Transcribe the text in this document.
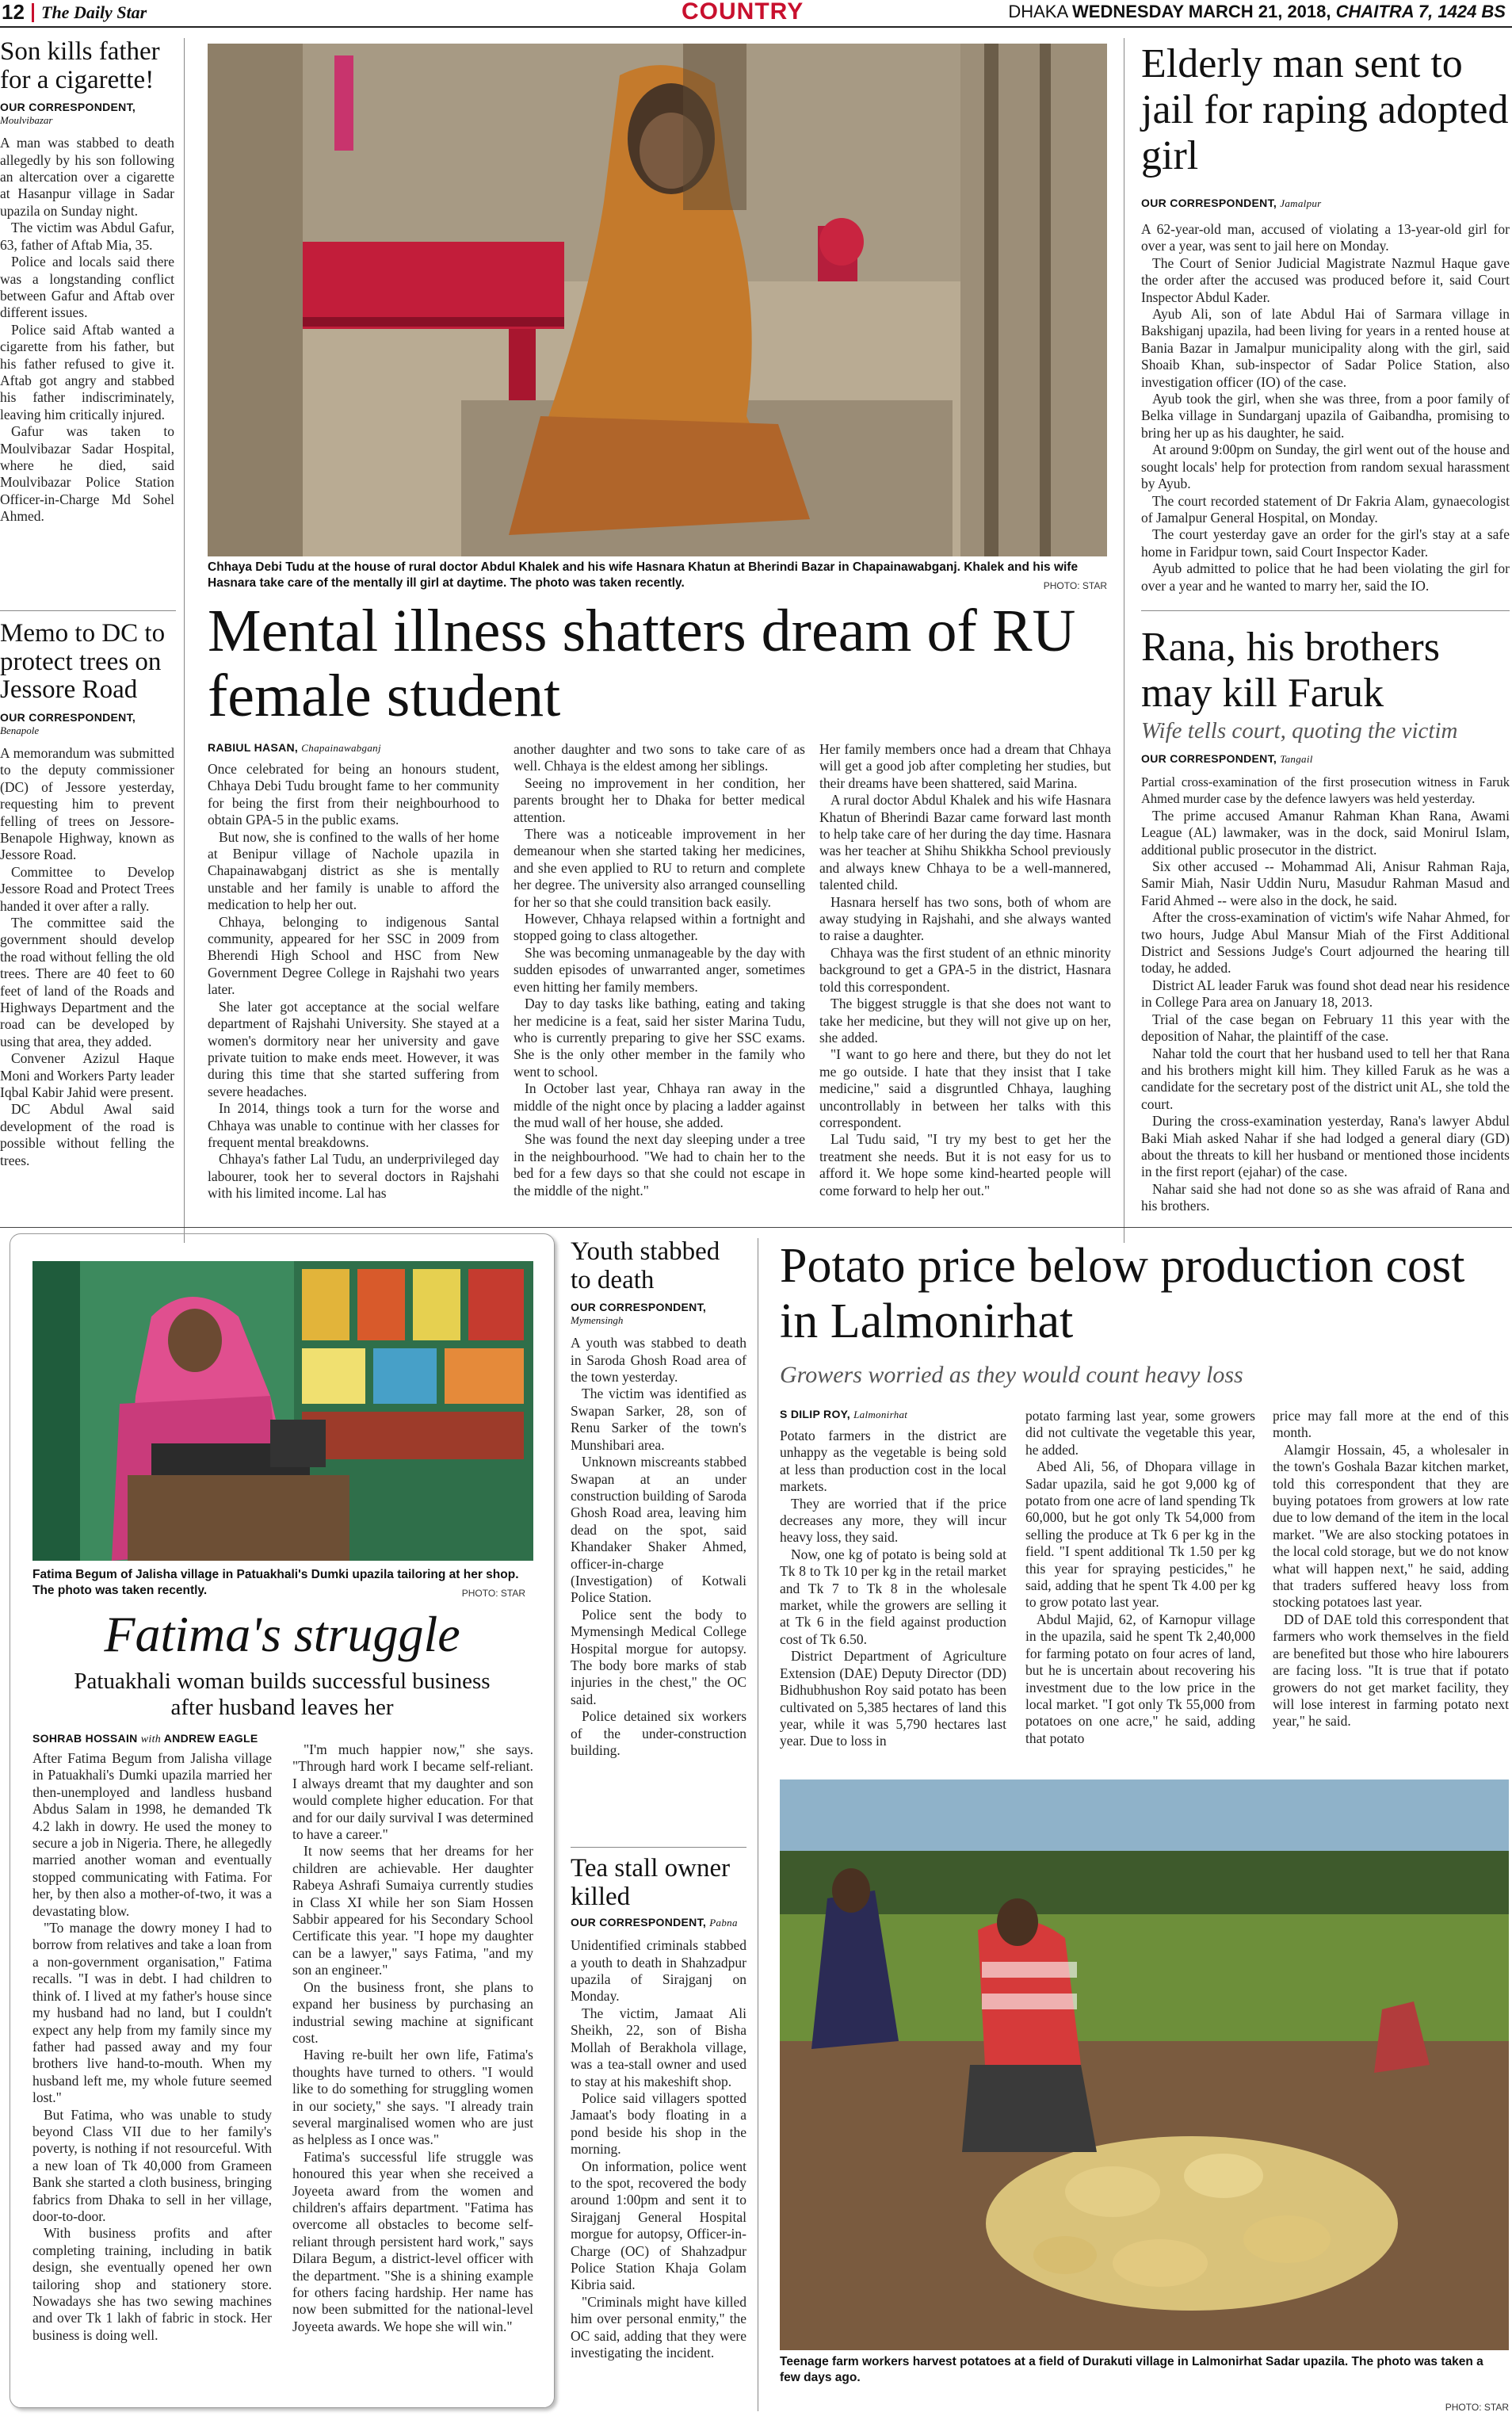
12 The Daily Star	COUNTRY	DHAKA WEDNESDAY MARCH 21, 2018, CHAITRA 7, 1424 BS
Son kills father for a cigarette!
OUR CORRESPONDENT,
Moulvibazar

A man was stabbed to death allegedly by his son following an altercation over a cigarette at Hasanpur village in Sadar upazila on Sunday night.

The victim was Abdul Gafur, 63, father of Aftab Mia, 35.

Police and locals said there was a longstanding conflict between Gafur and Aftab over different issues.

Police said Aftab wanted a cigarette from his father, but his father refused to give it. Aftab got angry and stabbed his father indiscriminately, leaving him critically injured.

Gafur was taken to Moulvibazar Sadar Hospital, where he died, said Moulvibazar Police Station Officer-in-Charge Md Sohel Ahmed.

Memo to DC to protect trees on Jessore Road
OUR CORRESPONDENT,
Benapole

A memorandum was submitted to the deputy commissioner (DC) of Jessore yesterday, requesting him to prevent felling of trees on Jessore-Benapole Highway, known as Jessore Road.

Committee to Develop Jessore Road and Protect Trees handed it over after a rally.

The committee said the government should develop the road without felling the old trees. There are 40 feet to 60 feet of land of the Roads and Highways Department and the road can be developed by using that area, they added.

Convener Azizul Haque Moni and Workers Party leader Iqbal Kabir Jahid were present.

DC Abdul Awal said development of the road is possible without felling the trees.

Chhaya Debi Tudu at the house of rural doctor Abdul Khalek and his wife Hasnara Khatun at Bherindi Bazar in Chapainawabganj. Khalek and his wife Hasnara take care of the mentally ill girl at daytime. The photo was taken recently.	PHOTO: STAR
Mental illness shatters dream of RU female student
RABIUL HASAN, Chapainawabganj

Once celebrated for being an honours student, Chhaya Debi Tudu brought fame to her community for being the first from their neighbourhood to obtain GPA-5 in the public exams.

But now, she is confined to the walls of her home at Benipur village of Nachole upazila in Chapainawabganj district as she is mentally unstable and her family is unable to afford the medication to help her out.

Chhaya, belonging to indigenous Santal community, appeared for her SSC in 2009 from Bherendi High School and HSC from New Government Degree College in Rajshahi two years later.

She later got acceptance at the social welfare department of Rajshahi University. She stayed at a women's dormitory near her university and gave private tuition to make ends meet. However, it was during this time that she started suffering from severe headaches.

In 2014, things took a turn for the worse and Chhaya was unable to continue with her classes for frequent mental breakdowns.

Chhaya's father Lal Tudu, an underprivileged day labourer, took her to several doctors in Rajshahi with his limited income. Lal has

another daughter and two sons to take care of as well. Chhaya is the eldest among her siblings.

Seeing no improvement in her condition, her parents brought her to Dhaka for better medical attention.

There was a noticeable improvement in her demeanour when she started taking her medicines, and she even applied to RU to return and complete her degree. The university also arranged counselling for her so that she could transition back easily.

However, Chhaya relapsed within a fortnight and stopped going to class altogether.

She was becoming unmanageable by the day with sudden episodes of unwarranted anger, sometimes even hitting her family members.

Day to day tasks like bathing, eating and taking her medicine is a feat, said her sister Marina Tudu, who is currently preparing to give her SSC exams. She is the only other member in the family who went to school.

In October last year, Chhaya ran away in the middle of the night once by placing a ladder against the mud wall of her house, she added.

She was found the next day sleeping under a tree in the neighbourhood. "We had to chain her to the bed for a few days so that she could not escape in the middle of the night."

Her family members once had a dream that Chhaya will get a good job after completing her studies, but their dreams have been shattered, said Marina.

A rural doctor Abdul Khalek and his wife Hasnara Khatun of Bherindi Bazar came forward last month to help take care of her during the day time. Hasnara was her teacher at Shihu Shikkha School previously and always knew Chhaya to be a well-mannered, talented child.

Hasnara herself has two sons, both of whom are away studying in Rajshahi, and she always wanted to raise a daughter.

Chhaya was the first student of an ethnic minority background to get a GPA-5 in the district, Hasnara told this correspondent.

The biggest struggle is that she does not want to take her medicine, but they will not give up on her, she added.

"I want to go here and there, but they do not let me go outside. I hate that they insist that I take medicine," said a disgruntled Chhaya, laughing uncontrollably in between her talks with this correspondent.

Lal Tudu said, "I try my best to get her the treatment she needs. But it is not easy for us to afford it. We hope some kind-hearted people will come forward to help her out."

Elderly man sent to jail for raping adopted girl
OUR CORRESPONDENT, Jamalpur

A 62-year-old man, accused of violating a 13-year-old girl for over a year, was sent to jail here on Monday.

The Court of Senior Judicial Magistrate Nazmul Haque gave the order after the accused was produced before it, said Court Inspector Abdul Kader.

Ayub Ali, son of late Abdul Hai of Sarmara village in Bakshiganj upazila, had been living for years in a rented house at Bania Bazar in Jamalpur municipality along with the girl, said Shoaib Khan, sub-inspector of Sadar Police Station, also investigation officer (IO) of the case.

Ayub took the girl, when she was three, from a poor family of Belka village in Sundarganj upazila of Gaibandha, promising to bring her up as his daughter, he said.

At around 9:00pm on Sunday, the girl went out of the house and sought locals' help for protection from random sexual harassment by Ayub.

The court recorded statement of Dr Fakria Alam, gynaecologist of Jamalpur General Hospital, on Monday.

The court yesterday gave an order for the girl's stay at a safe home in Faridpur town, said Court Inspector Kader.

Ayub admitted to police that he had been violating the girl for over a year and he wanted to marry her, said the IO.

Rana, his brothers may kill Faruk
Wife tells court, quoting the victim
OUR CORRESPONDENT, Tangail

Partial cross-examination of the first prosecution witness in Faruk Ahmed murder case by the defence lawyers was held yesterday.

The prime accused Amanur Rahman Khan Rana, Awami League (AL) lawmaker, was in the dock, said Monirul Islam, additional public prosecutor in the district.

Six other accused -- Mohammad Ali, Anisur Rahman Raja, Samir Miah, Nasir Uddin Nuru, Masudur Rahman Masud and Farid Ahmed -- were also in the dock, he said.

After the cross-examination of victim's wife Nahar Ahmed, for two hours, Judge Abul Mansur Miah of the First Additional District and Sessions Judge's Court adjourned the hearing till today, he added.

District AL leader Faruk was found shot dead near his residence in College Para area on January 18, 2013.

Trial of the case began on February 11 this year with the deposition of Nahar, the plaintiff of the case.

Nahar told the court that her husband used to tell her that Rana and his brothers might kill him. They killed Faruk as he was a candidate for the secretary post of the district unit AL, she told the court.

During the cross-examination yesterday, Rana's lawyer Abdul Baki Miah asked Nahar if she had lodged a general diary (GD) about the threats to kill her husband or mentioned those incidents in the first report (ejahar) of the case.

Nahar said she had not done so as she was afraid of Rana and his brothers.

Fatima Begum of Jalisha village in Patuakhali's Dumki upazila tailoring at her shop. The photo was taken recently.	PHOTO: STAR
Fatima's struggle
Patuakhali woman builds successful business after husband leaves her
SOHRAB HOSSAIN with ANDREW EAGLE

After Fatima Begum from Jalisha village in Patuakhali's Dumki upazila married her then-unemployed and landless husband Abdus Salam in 1998, he demanded Tk 4.2 lakh in dowry. He used the money to secure a job in Nigeria. There, he allegedly married another woman and eventually stopped communicating with Fatima. For her, by then also a mother-of-two, it was a devastating blow.

"To manage the dowry money I had to borrow from relatives and take a loan from a non-government organisation," Fatima recalls. "I was in debt. I had children to think of. I lived at my father's house since my husband had no land, but I couldn't expect any help from my family since my father had passed away and my four brothers live hand-to-mouth. When my husband left me, my whole future seemed lost."

But Fatima, who was unable to study beyond Class VII due to her family's poverty, is nothing if not resourceful. With a new loan of Tk 40,000 from Grameen Bank she started a cloth business, bringing fabrics from Dhaka to sell in her village, door-to-door.

With business profits and after completing training, including in batik design, she eventually opened her own tailoring shop and stationery store. Nowadays she has two sewing machines and over Tk 1 lakh of fabric in stock. Her business is doing well.

"I'm much happier now," she says. "Through hard work I became self-reliant. I always dreamt that my daughter and son would complete higher education. For that and for our daily survival I was determined to have a career."

It now seems that her dreams for her children are achievable. Her daughter Rabeya Ashrafi Sumaiya currently studies in Class XI while her son Siam Hossen Sabbir appeared for his Secondary School Certificate this year. "I hope my daughter can be a lawyer," says Fatima, "and my son an engineer."

On the business front, she plans to expand her business by purchasing an industrial sewing machine at significant cost.

Having re-built her own life, Fatima's thoughts have turned to others. "I would like to do something for struggling women in our society," she says. "I already train several marginalised women who are just as helpless as I once was."

Fatima's successful life struggle was honoured this year when she received a Joyeeta award from the women and children's affairs department. "Fatima has overcome all obstacles to become self-reliant through persistent hard work," says Dilara Begum, a district-level officer with the department. "She is a shining example for others facing hardship. Her name has now been submitted for the national-level Joyeeta awards. We hope she will win."

Youth stabbed to death
OUR CORRESPONDENT,
Mymensingh

A youth was stabbed to death in Saroda Ghosh Road area of the town yesterday.

The victim was identified as Swapan Sarker, 28, son of Renu Sarker of the town's Munshibari area.

Unknown miscreants stabbed Swapan at an under construction building of Saroda Ghosh Road area, leaving him dead on the spot, said Khandaker Shaker Ahmed, officer-in-charge (Investigation) of Kotwali Police Station.

Police sent the body to Mymensingh Medical College Hospital morgue for autopsy. The body bore marks of stab injuries in the chest," the OC said.

Police detained six workers of the under-construction building.

Tea stall owner killed
OUR CORRESPONDENT, Pabna

Unidentified criminals stabbed a youth to death in Shahzadpur upazila of Sirajganj on Monday.

The victim, Jamaat Ali Sheikh, 22, son of Bisha Mollah of Berakhola village, was a tea-stall owner and used to stay at his makeshift shop.

Police said villagers spotted Jamaat's body floating in a pond beside his shop in the morning.

On information, police went to the spot, recovered the body around 1:00pm and sent it to Sirajganj General Hospital morgue for autopsy, Officer-in-Charge (OC) of Shahzadpur Police Station Khaja Golam Kibria said.

"Criminals might have killed him over personal enmity," the OC said, adding that they were investigating the incident.

Potato price below production cost in Lalmonirhat
Growers worried as they would count heavy loss
S DILIP ROY, Lalmonirhat

Potato farmers in the district are unhappy as the vegetable is being sold at less than production cost in the local markets.

They are worried that if the price decreases any more, they will incur heavy loss, they said.

Now, one kg of potato is being sold at Tk 8 to Tk 10 per kg in the retail market and Tk 7 to Tk 8 in the wholesale market, while the growers are selling it at Tk 6 in the field against production cost of Tk 6.50.

District Department of Agriculture Extension (DAE) Deputy Director (DD) Bidhubhushon Roy said potato has been cultivated on 5,385 hectares of land this year, while it was 5,790 hectares last year. Due to loss in

potato farming last year, some growers did not cultivate the vegetable this year, he added.

Abed Ali, 56, of Dhopara village in Sadar upazila, said he got 9,000 kg of potato from one acre of land spending Tk 60,000, but he got only Tk 54,000 from selling the produce at Tk 6 per kg in the field. "I spent additional Tk 1.50 per kg this year for spraying pesticides," he said, adding that he spent Tk 4.00 per kg to grow potato last year.

Abdul Majid, 62, of Karnopur village in the upazila, said he spent Tk 2,40,000 for farming potato on four acres of land, but he is uncertain about recovering his investment due to the low price in the local market. "I got only Tk 55,000 from potatoes on one acre," he said, adding that potato

price may fall more at the end of this month.

Alamgir Hossain, 45, a wholesaler in the town's Goshala Bazar kitchen market, told this correspondent that they are buying potatoes from growers at low rate due to low demand of the item in the local market. "We are also stocking potatoes in the local cold storage, but we do not know what will happen next," he said, adding that traders suffered heavy loss from stocking potatoes last year.

DD of DAE told this correspondent that farmers who work themselves in the field are benefited but those who hire labourers are facing loss. "It is true that if potato growers do not get market facility, they will lose interest in farming potato next year," he said.

Teenage farm workers harvest potatoes at a field of Durakuti village in Lalmonirhat Sadar upazila. The photo was taken a few days ago.
PHOTO: STAR
